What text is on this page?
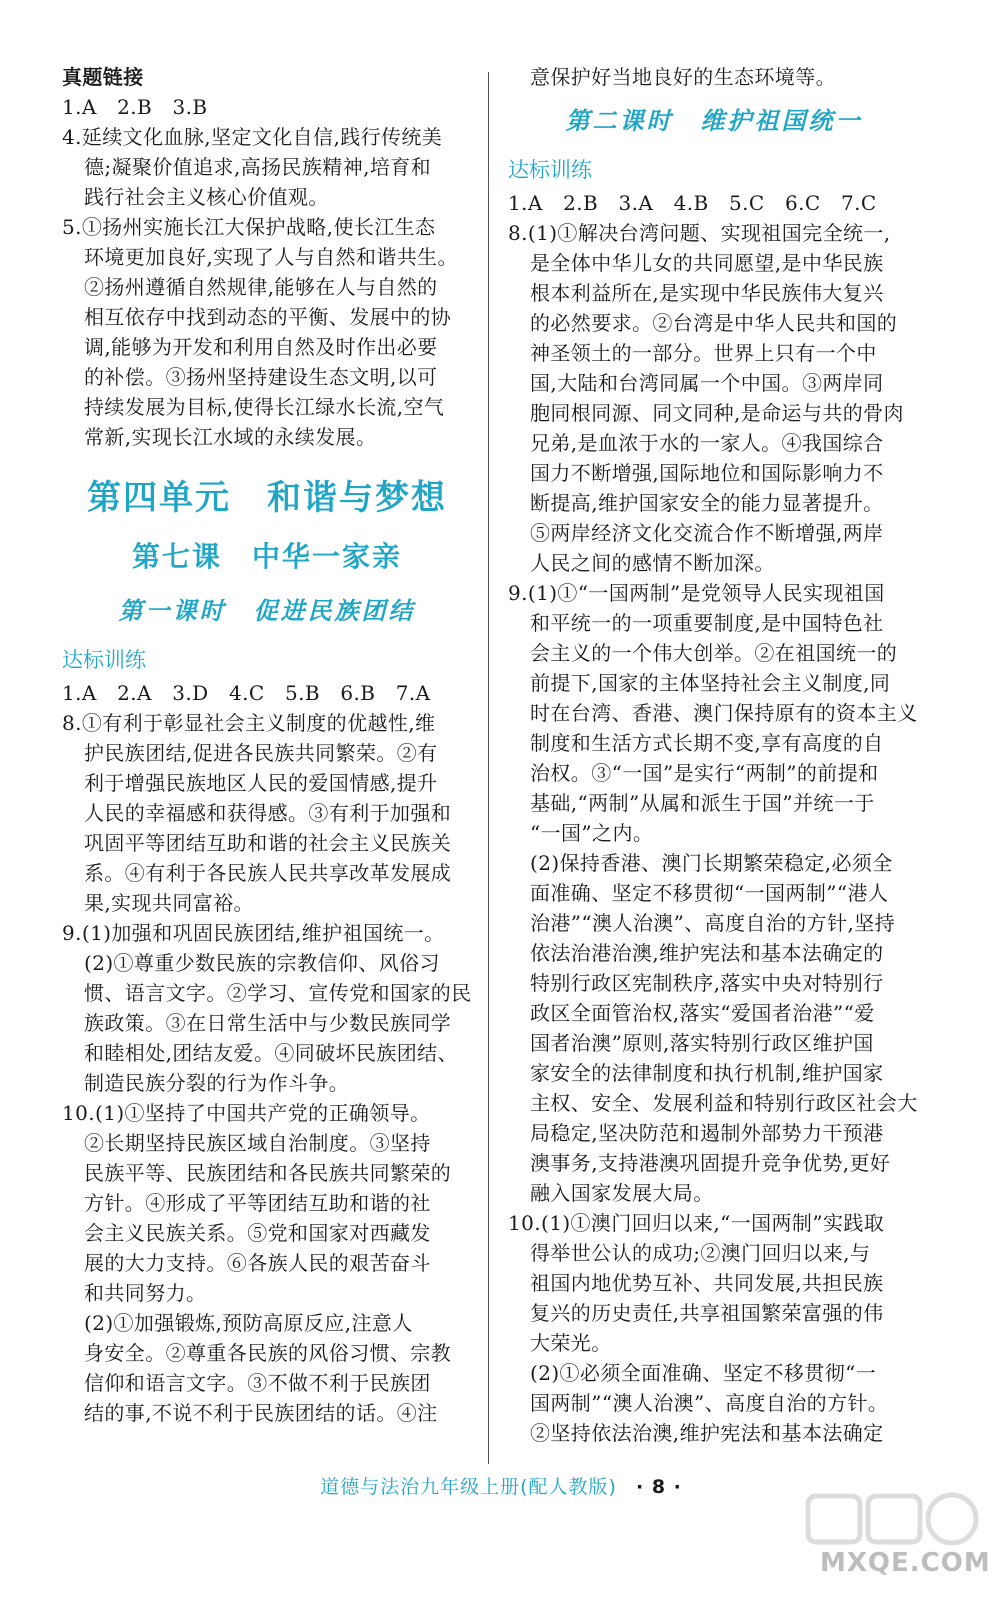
真题链接
1.A　2.B　3.B
4.延续文化血脉,坚定文化自信,践行传统美
德;凝聚价值追求,高扬民族精神,培育和
践行社会主义核心价值观。
5.①扬州实施长江大保护战略,使长江生态
环境更加良好,实现了人与自然和谐共生。
②扬州遵循自然规律,能够在人与自然的
相互依存中找到动态的平衡、发展中的协
调,能够为开发和利用自然及时作出必要
的补偿。③扬州坚持建设生态文明,以可
持续发展为目标,使得长江绿水长流,空气
常新,实现长江水域的永续发展。
第四单元　和谐与梦想
第七课　中华一家亲
第一课时　促进民族团结
达标训练
1.A　2.A　3.D　4.C　5.B　6.B　7.A
8.①有利于彰显社会主义制度的优越性,维
护民族团结,促进各民族共同繁荣。②有
利于增强民族地区人民的爱国情感,提升
人民的幸福感和获得感。③有利于加强和
巩固平等团结互助和谐的社会主义民族关
系。④有利于各民族人民共享改革发展成
果,实现共同富裕。
9.(1)加强和巩固民族团结,维护祖国统一。
(2)①尊重少数民族的宗教信仰、风俗习
惯、语言文字。②学习、宣传党和国家的民
族政策。③在日常生活中与少数民族同学
和睦相处,团结友爱。④同破坏民族团结、
制造民族分裂的行为作斗争。
10.(1)①坚持了中国共产党的正确领导。
②长期坚持民族区域自治制度。③坚持
民族平等、民族团结和各民族共同繁荣的
方针。④形成了平等团结互助和谐的社
会主义民族关系。⑤党和国家对西藏发
展的大力支持。⑥各族人民的艰苦奋斗
和共同努力。
(2)①加强锻炼,预防高原反应,注意人
身安全。②尊重各民族的风俗习惯、宗教
信仰和语言文字。③不做不利于民族团
结的事,不说不利于民族团结的话。④注
意保护好当地良好的生态环境等。
第二课时　维护祖国统一
达标训练
1.A　2.B　3.A　4.B　5.C　6.C　7.C
8.(1)①解决台湾问题、实现祖国完全统一,
是全体中华儿女的共同愿望,是中华民族
根本利益所在,是实现中华民族伟大复兴
的必然要求。②台湾是中华人民共和国的
神圣领土的一部分。世界上只有一个中
国,大陆和台湾同属一个中国。③两岸同
胞同根同源、同文同种,是命运与共的骨肉
兄弟,是血浓于水的一家人。④我国综合
国力不断增强,国际地位和国际影响力不
断提高,维护国家安全的能力显著提升。
⑤两岸经济文化交流合作不断增强,两岸
人民之间的感情不断加深。
9.(1)①“一国两制”是党领导人民实现祖国
和平统一的一项重要制度,是中国特色社
会主义的一个伟大创举。②在祖国统一的
前提下,国家的主体坚持社会主义制度,同
时在台湾、香港、澳门保持原有的资本主义
制度和生活方式长期不变,享有高度的自
治权。③“一国”是实行“两制”的前提和
基础,“两制”从属和派生于国”并统一于
“一国”之内。
(2)保持香港、澳门长期繁荣稳定,必须全
面准确、坚定不移贯彻“一国两制”“港人
治港”“澳人治澳”、高度自治的方针,坚持
依法治港治澳,维护宪法和基本法确定的
特别行政区宪制秩序,落实中央对特别行
政区全面管治权,落实“爱国者治港”“爱
国者治澳”原则,落实特别行政区维护国
家安全的法律制度和执行机制,维护国家
主权、安全、发展利益和特别行政区社会大
局稳定,坚决防范和遏制外部势力干预港
澳事务,支持港澳巩固提升竞争优势,更好
融入国家发展大局。
10.(1)①澳门回归以来,“一国两制”实践取
得举世公认的成功;②澳门回归以来,与
祖国内地优势互补、共同发展,共担民族
复兴的历史责任,共享祖国繁荣富强的伟
大荣光。
(2)①必须全面准确、坚定不移贯彻“一
国两制”“澳人治澳”、高度自治的方针。
②坚持依法治澳,维护宪法和基本法确定
道德与法治九年级上册(配人教版) · 8 ·
MXQE.COM
